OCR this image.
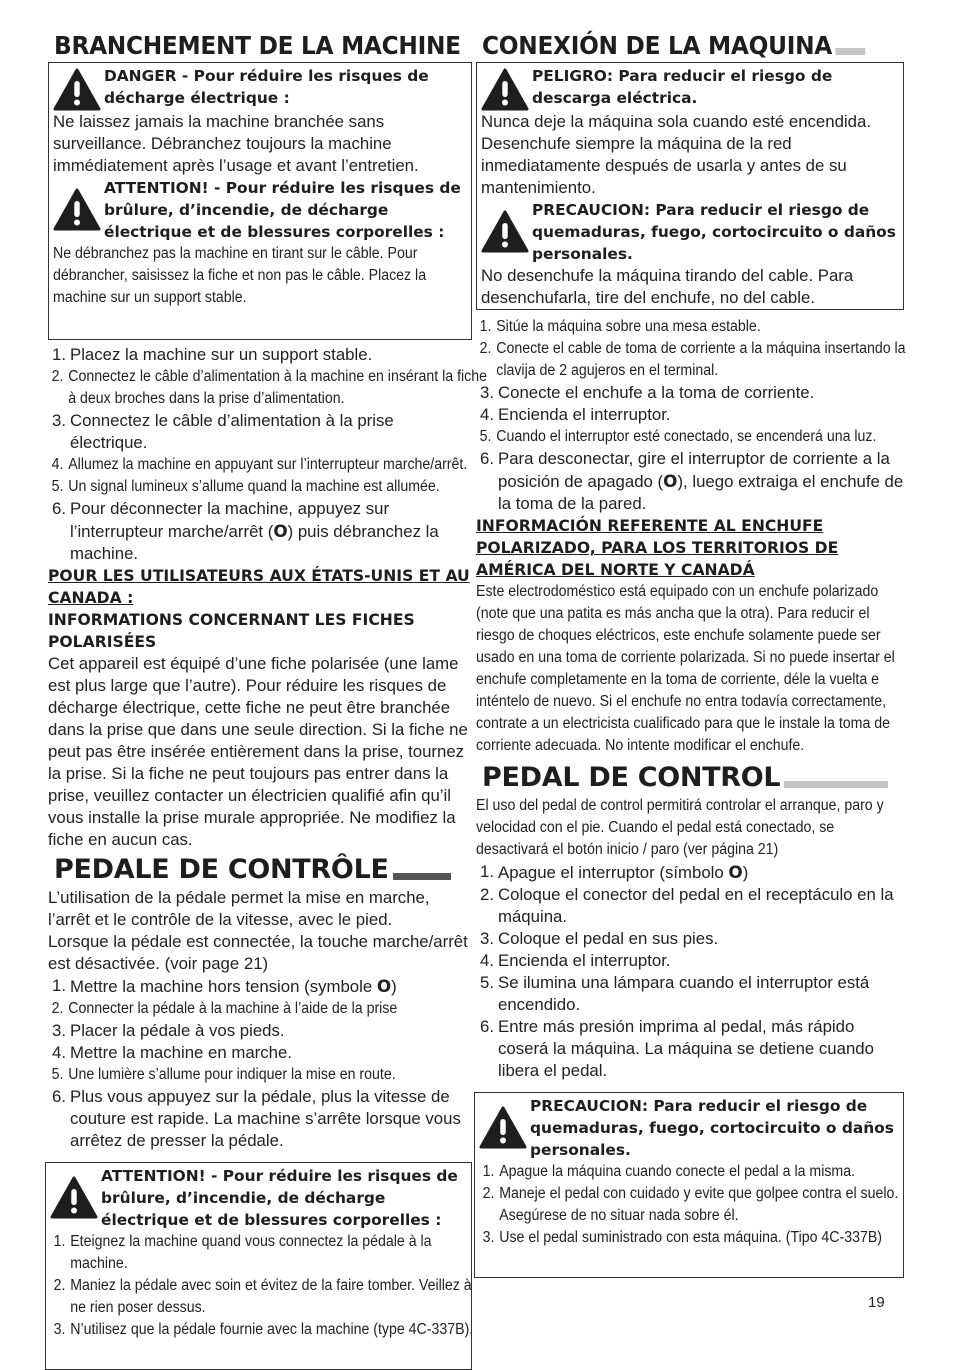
BRANCHEMENT DE LA MACHINE
DANGER - Pour réduire les risques de décharge électrique :
Ne laissez jamais la machine branchée sans surveillance. Débranchez toujours la machine immédiatement après l’usage et avant l’entretien.
ATTENTION! - Pour réduire les risques de brûlure, d’incendie, de décharge électrique et de blessures corporelles :
Ne débranchez pas la machine en tirant sur le câble. Pour débrancher, saisissez la fiche et non pas le câble. Placez la machine sur un support stable.
1. Placez la machine sur un support stable.
2. Connectez le câble d’alimentation à la machine en insérant la fiche à deux broches dans la prise d’alimentation.
3. Connectez le câble d’alimentation à la prise électrique.
4. Allumez la machine en appuyant sur l’interrupteur marche/arrêt.
5. Un signal lumineux s’allume quand la machine est allumée.
6. Pour déconnecter la machine, appuyez sur l’interrupteur marche/arrêt (O) puis débranchez la machine.
POUR LES UTILISATEURS AUX ÉTATS-UNIS ET AU CANADA :
INFORMATIONS CONCERNANT LES FICHES POLARISÉES
Cet appareil est équipé d’une fiche polarisée (une lame est plus large que l’autre). Pour réduire les risques de décharge électrique, cette fiche ne peut être branchée dans la prise que dans une seule direction. Si la fiche ne peut pas être insérée entièrement dans la prise, tournez la prise. Si la fiche ne peut toujours pas entrer dans la prise, veuillez contacter un électricien qualifié afin qu’il vous installe la prise murale appropriée. Ne modifiez la fiche en aucun cas.
PEDALE DE CONTRÔLE
L’utilisation de la pédale permet la mise en marche, l’arrêt et le contrôle de la vitesse, avec le pied.
Lorsque la pédale est connectée, la touche marche/arrêt est désactivée. (voir page 21)
1. Mettre la machine hors tension (symbole O)
2. Connecter la pédale à la machine à l’aide de la prise
3. Placer la pédale à vos pieds.
4. Mettre la machine en marche.
5. Une lumière s’allume pour indiquer la mise en route.
6. Plus vous appuyez sur la pédale, plus la vitesse de couture est rapide. La machine s’arrête lorsque vous arrêtez de presser la pédale.
ATTENTION! - Pour réduire les risques de brûlure, d’incendie, de décharge électrique et de blessures corporelles :
1. Eteignez la machine quand vous connectez la pédale à la machine.
2. Maniez la pédale avec soin et évitez de la faire tomber. Veillez à ne rien poser dessus.
3. N’utilisez que la pédale fournie avec la machine (type 4C-337B).
CONEXIÓN DE LA MAQUINA
PELIGRO: Para reducir el riesgo de descarga eléctrica.
Nunca deje la máquina sola cuando esté encendida. Desenchufe siempre la máquina de la red inmediatamente después de usarla y antes de su mantenimiento.
PRECAUCION: Para reducir el riesgo de quemaduras, fuego, cortocircuito o daños personales.
No desenchufe la máquina tirando del cable. Para desenchufarla, tire del enchufe, no del cable.
1. Sitúe la máquina sobre una mesa estable.
2. Conecte el cable de toma de corriente a la máquina insertando la clavija de 2 agujeros en el terminal.
3. Conecte el enchufe a la toma de corriente.
4. Encienda el interruptor.
5. Cuando el interruptor esté conectado, se encenderá una luz.
6. Para desconectar, gire el interruptor de corriente a la posición de apagado (O), luego extraiga el enchufe de la toma de la pared.
INFORMACIÓN REFERENTE AL ENCHUFE POLARIZADO, PARA LOS TERRITORIOS DE AMÉRICA DEL NORTE Y CANADÁ
Este electrodoméstico está equipado con un enchufe polarizado (note que una patita es más ancha que la otra). Para reducir el riesgo de choques eléctricos, este enchufe solamente puede ser usado en una toma de corriente polarizada. Si no puede insertar el enchufe completamente en la toma de corriente, déle la vuelta e inténtelo de nuevo. Si el enchufe no entra todavía correctamente, contrate a un electricista cualificado para que le instale la toma de corriente adecuada. No intente modificar el enchufe.
PEDAL DE CONTROL
El uso del pedal de control permitirá controlar el arranque, paro y velocidad con el pie. Cuando el pedal está conectado, se desactivará el botón inicio / paro (ver página 21)
1. Apague el interruptor (símbolo O)
2. Coloque el conector del pedal en el receptáculo en la máquina.
3. Coloque el pedal en sus pies.
4. Encienda el interruptor.
5. Se ilumina una lámpara cuando el interruptor está encendido.
6. Entre más presión imprima al pedal, más rápido coserá la máquina. La máquina se detiene cuando libera el pedal.
PRECAUCION: Para reducir el riesgo de quemaduras, fuego, cortocircuito o daños personales.
1. Apague la máquina cuando conecte el pedal a la misma.
2. Maneje el pedal con cuidado y evite que golpee contra el suelo. Asegúrese de no situar nada sobre él.
3. Use el pedal suministrado con esta máquina. (Tipo 4C-337B)
19
